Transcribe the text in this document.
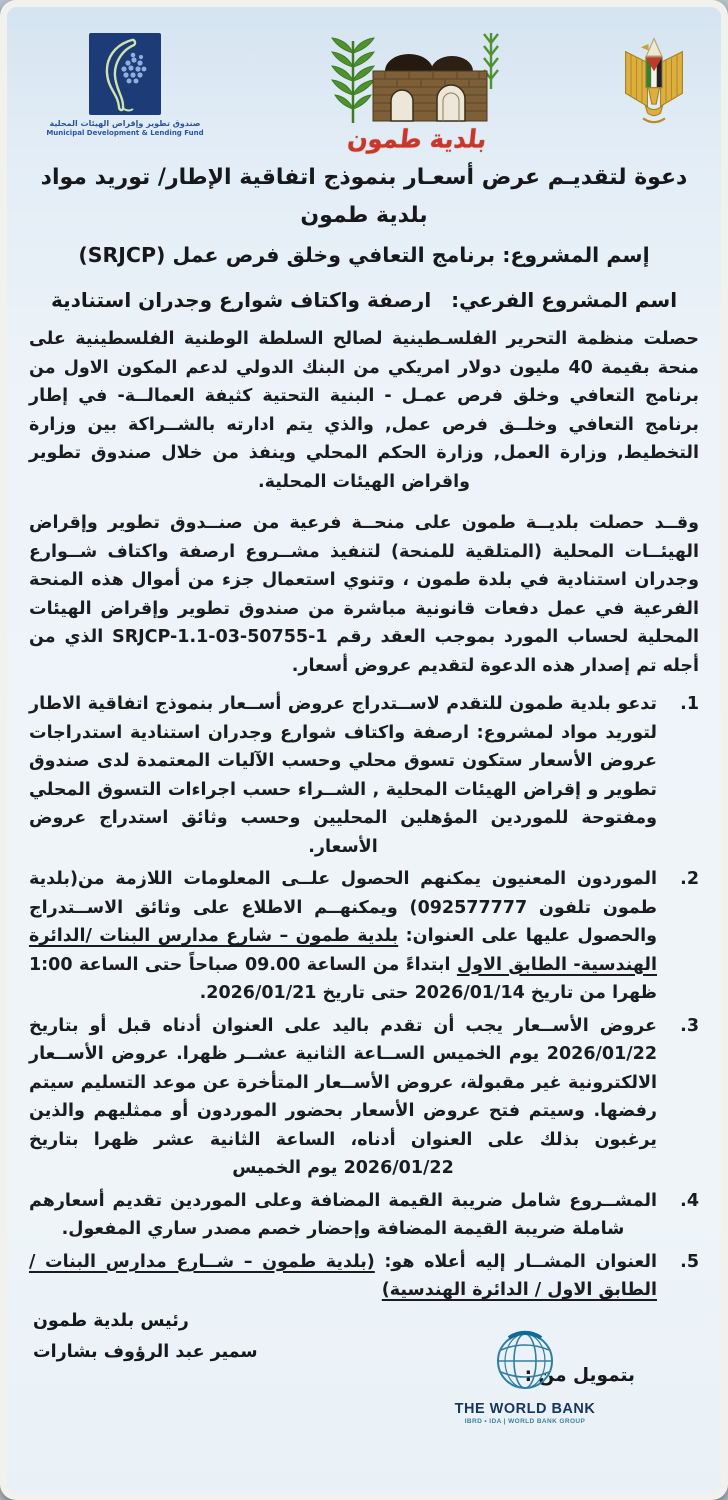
صندوق تطوير وإقراض الهيئات المحلية
Municipal Development & Lending Fund	بلدية طمون
دعوة لتقديـم عرض أسعـار بنموذج اتفاقية الإطار/ توريد مواد
بلدية طمون
إسم المشروع: برنامج التعافي وخلق فرص عمل (SRJCP)
اسم المشروع الفرعي:ارصفة واكتاف شوارع وجدران استنادية

حصلت منظمة التحرير الفلسـطينية لصالح السلطة الوطنية الفلسطينية على منحة بقيمة 40 مليون دولار امريكي من البنك الدولي لدعم المكون الاول من برنامج التعافي وخلق فرص عمـل - البنية التحتية كثيفة العمالــة- في إطار برنامج التعافي وخلــق فرص عمل, والذي يتم ادارته بالشــراكة بين وزارة التخطيط, وزارة العمل, وزارة الحكم المحلي وينفذ من خلال صندوق تطوير واقراض الهيئات المحلية.

وقــد حصلت بلديــة طمون على منحــة فرعية من صنــدوق تطوير وإقراض الهيئــات المحلية (المتلقية للمنحة) لتنفيذ مشــروع ارصفة واكتاف شــوارع وجدران استنادية في بلدة طمون ، وتنوي استعمال جزء من أموال هذه المنحة الفرعية في عمل دفعات قانونية مباشرة من صندوق تطوير وإقراض الهيئات المحلية لحساب المورد بموجب العقد رقم SRJCP-1.1-03-50755-1 الذي من أجله تم إصدار هذه الدعوة لتقديم عروض أسعار.

1.
تدعو بلدية طمون للتقدم لاســتدراج عروض أســعار بنموذج اتفاقية الاطار لتوريد مواد لمشروع: ارصفة واكتاف شوارع وجدران استنادية استدراجات عروض الأسعار ستكون تسوق محلي وحسب الآليات المعتمدة لدى صندوق تطوير و إقراض الهيئات المحلية , الشــراء حسب اجراءات التسوق المحلي ومفتوحة للموردين المؤهلين المحليين وحسب وثائق استدراج عروض الأسعار.
2.
الموردون المعنيون يمكنهم الحصول علــى المعلومات اللازمة من(بلدية طمون تلفون 092577777) ويمكنهــم الاطلاع على وثائق الاســتدراج والحصول عليها على العنوان: بلدية طمون – شارع مدارس البنات /الدائرة الهندسية- الطابق الاول ابتداءً من الساعة 09.00 صباحاً حتى الساعة 1:00 ظهرا من تاريخ 2026/01/14 حتى تاريخ 2026/01/21.
3.
عروض الأســعار يجب أن تقدم باليد على العنوان أدناه قبل أو بتاريخ 2026/01/22 يوم الخميس الســاعة الثانية عشــر ظهرا. عروض الأســعار الالكترونية غير مقبولة، عروض الأســعار المتأخرة عن موعد التسليم سيتم رفضها. وسيتم فتح عروض الأسعار بحضور الموردون أو ممثليهم والذين يرغبون بذلك على العنوان أدناه، الساعة الثانية عشر ظهرا بتاريخ 2026/01/22 يوم الخميس
4.
المشــروع شامل ضريبة القيمة المضافة وعلى الموردين تقديم أسعارهم شاملة ضريبة القيمة المضافة وإحضار خصم مصدر ساري المفعول.
5.
العنوان المشــار إليه أعلاه هو: (بلدية طمون – شــارع مدارس البنات / الطابق الاول / الدائرة الهندسية)
رئيس بلدية طمون
سمير عبد الرؤوف بشارات
بتمويل من :
THE WORLD BANK
IBRD • IDA | WORLD BANK GROUP
